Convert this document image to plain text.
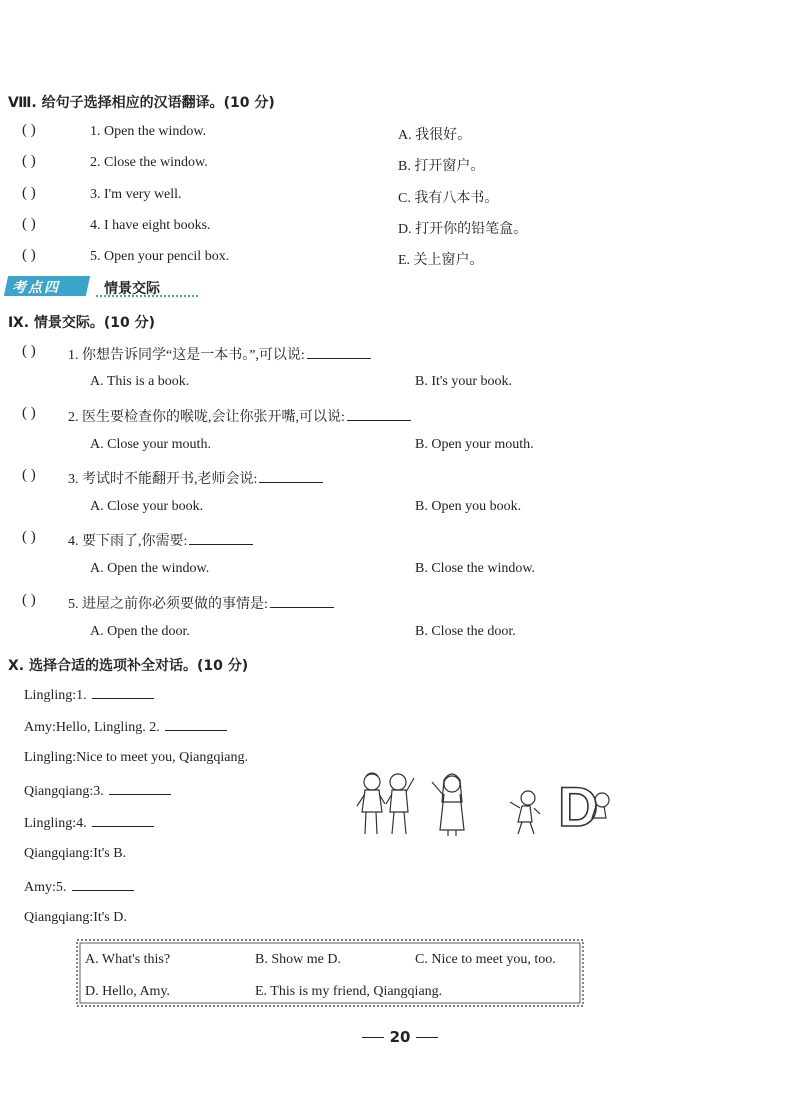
Ⅷ. 给句子选择相应的汉语翻译。(10 分)
( )	1. Open the window.	A. 我很好。
( )	2. Close the window.	B. 打开窗户。
( )	3. I'm very well.	C. 我有八本书。
( )	4. I have eight books.	D. 打开你的铅笔盒。
( )	5. Open your pencil box.	E. 关上窗户。
考点四	情景交际
Ⅸ. 情景交际。(10 分)
( ) 1. 你想告诉同学“这是一本书。”,可以说:
A. This is a book.	B. It's your book.
( ) 2. 医生要检查你的喉咙,会让你张开嘴,可以说:
A. Close your mouth.	B. Open your mouth.
( ) 3. 考试时不能翻开书,老师会说:
A. Close your book.	B. Open you book.
( ) 4. 要下雨了,你需要:
A. Open the window.	B. Close the window.
( ) 5. 进屋之前你必须要做的事情是:
A. Open the door.	B. Close the door.
Ⅹ. 选择合适的选项补全对话。(10 分)
Lingling:1.
Amy:Hello, Lingling. 2.
Lingling:Nice to meet you, Qiangqiang.
Qiangqiang:3.
Lingling:4.
Qiangqiang:It's B.
Amy:5.
Qiangqiang:It's D.
D
A. What's this?	B. Show me D.	C. Nice to meet you, too.
D. Hello, Amy.	E. This is my friend, Qiangqiang.
20
